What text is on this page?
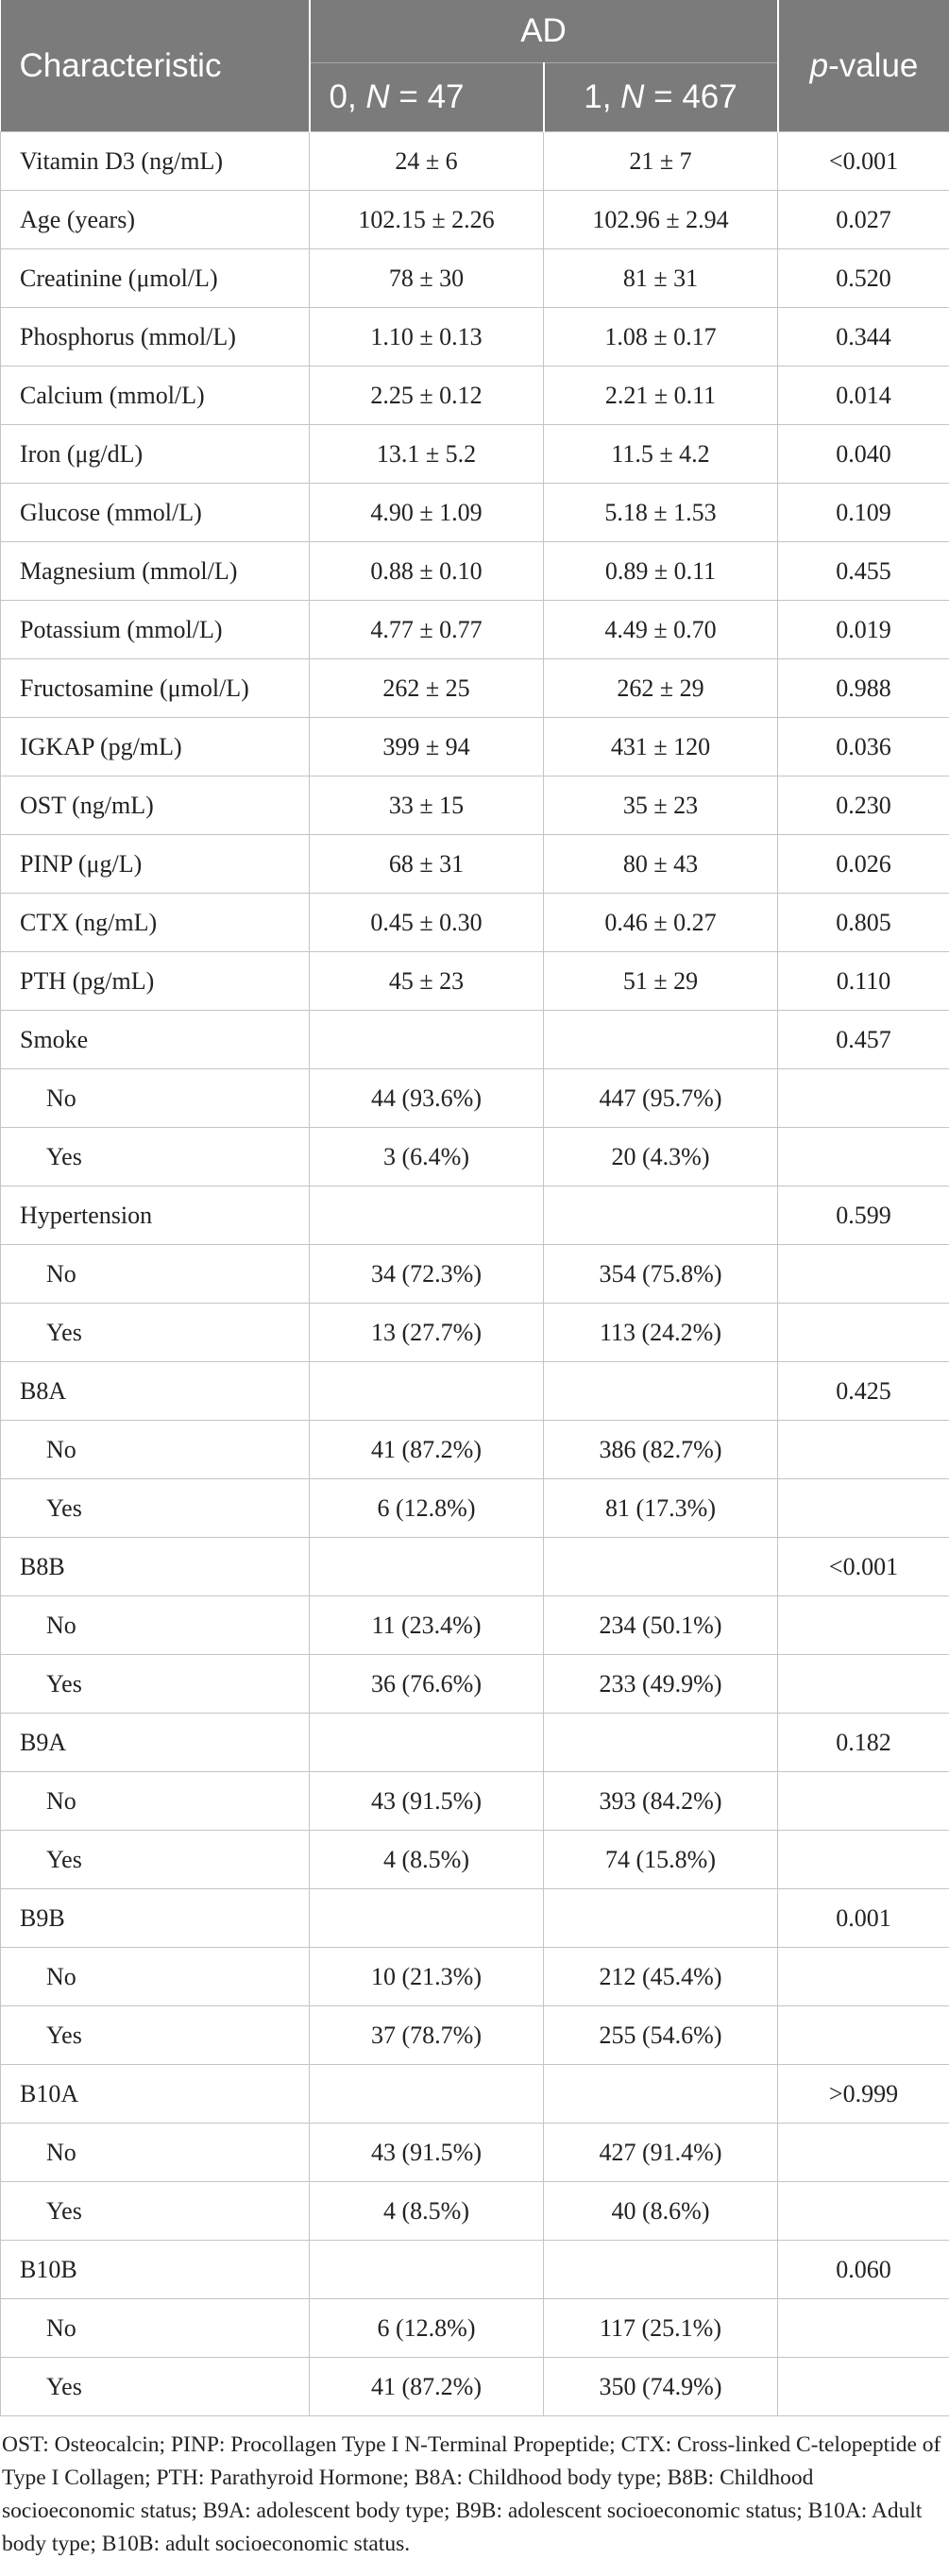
Characteristic	AD		p-value
	0, N = 47	1, N = 467	
Vitamin D3 (ng/mL)	24 ± 6	21 ± 7	<0.001
Age (years)	102.15 ± 2.26	102.96 ± 2.94	0.027
Creatinine (μmol/L)	78 ± 30	81 ± 31	0.520
Phosphorus (mmol/L)	1.10 ± 0.13	1.08 ± 0.17	0.344
Calcium (mmol/L)	2.25 ± 0.12	2.21 ± 0.11	0.014
Iron (μg/dL)	13.1 ± 5.2	11.5 ± 4.2	0.040
Glucose (mmol/L)	4.90 ± 1.09	5.18 ± 1.53	0.109
Magnesium (mmol/L)	0.88 ± 0.10	0.89 ± 0.11	0.455
Potassium (mmol/L)	4.77 ± 0.77	4.49 ± 0.70	0.019
Fructosamine (μmol/L)	262 ± 25	262 ± 29	0.988
IGKAP (pg/mL)	399 ± 94	431 ± 120	0.036
OST (ng/mL)	33 ± 15	35 ± 23	0.230
PINP (μg/L)	68 ± 31	80 ± 43	0.026
CTX (ng/mL)	0.45 ± 0.30	0.46 ± 0.27	0.805
PTH (pg/mL)	45 ± 23	51 ± 29	0.110
Smoke			0.457
No	44 (93.6%)	447 (95.7%)	
Yes	3 (6.4%)	20 (4.3%)	
Hypertension			0.599
No	34 (72.3%)	354 (75.8%)	
Yes	13 (27.7%)	113 (24.2%)	
B8A			0.425
No	41 (87.2%)	386 (82.7%)	
Yes	6 (12.8%)	81 (17.3%)	
B8B			<0.001
No	11 (23.4%)	234 (50.1%)	
Yes	36 (76.6%)	233 (49.9%)	
B9A			0.182
No	43 (91.5%)	393 (84.2%)	
Yes	4 (8.5%)	74 (15.8%)	
B9B			0.001
No	10 (21.3%)	212 (45.4%)	
Yes	37 (78.7%)	255 (54.6%)	
B10A			>0.999
No	43 (91.5%)	427 (91.4%)	
Yes	4 (8.5%)	40 (8.6%)	
B10B			0.060
No	6 (12.8%)	117 (25.1%)	
Yes	41 (87.2%)	350 (74.9%)	

OST: Osteocalcin; PINP: Procollagen Type I N-Terminal Propeptide; CTX: Cross-linked C-telopeptide of Type I Collagen; PTH: Parathyroid Hormone; B8A: Childhood body type; B8B: Childhood socioeconomic status; B9A: adolescent body type; B9B: adolescent socioeconomic status; B10A: Adult body type; B10B: adult socioeconomic status.
